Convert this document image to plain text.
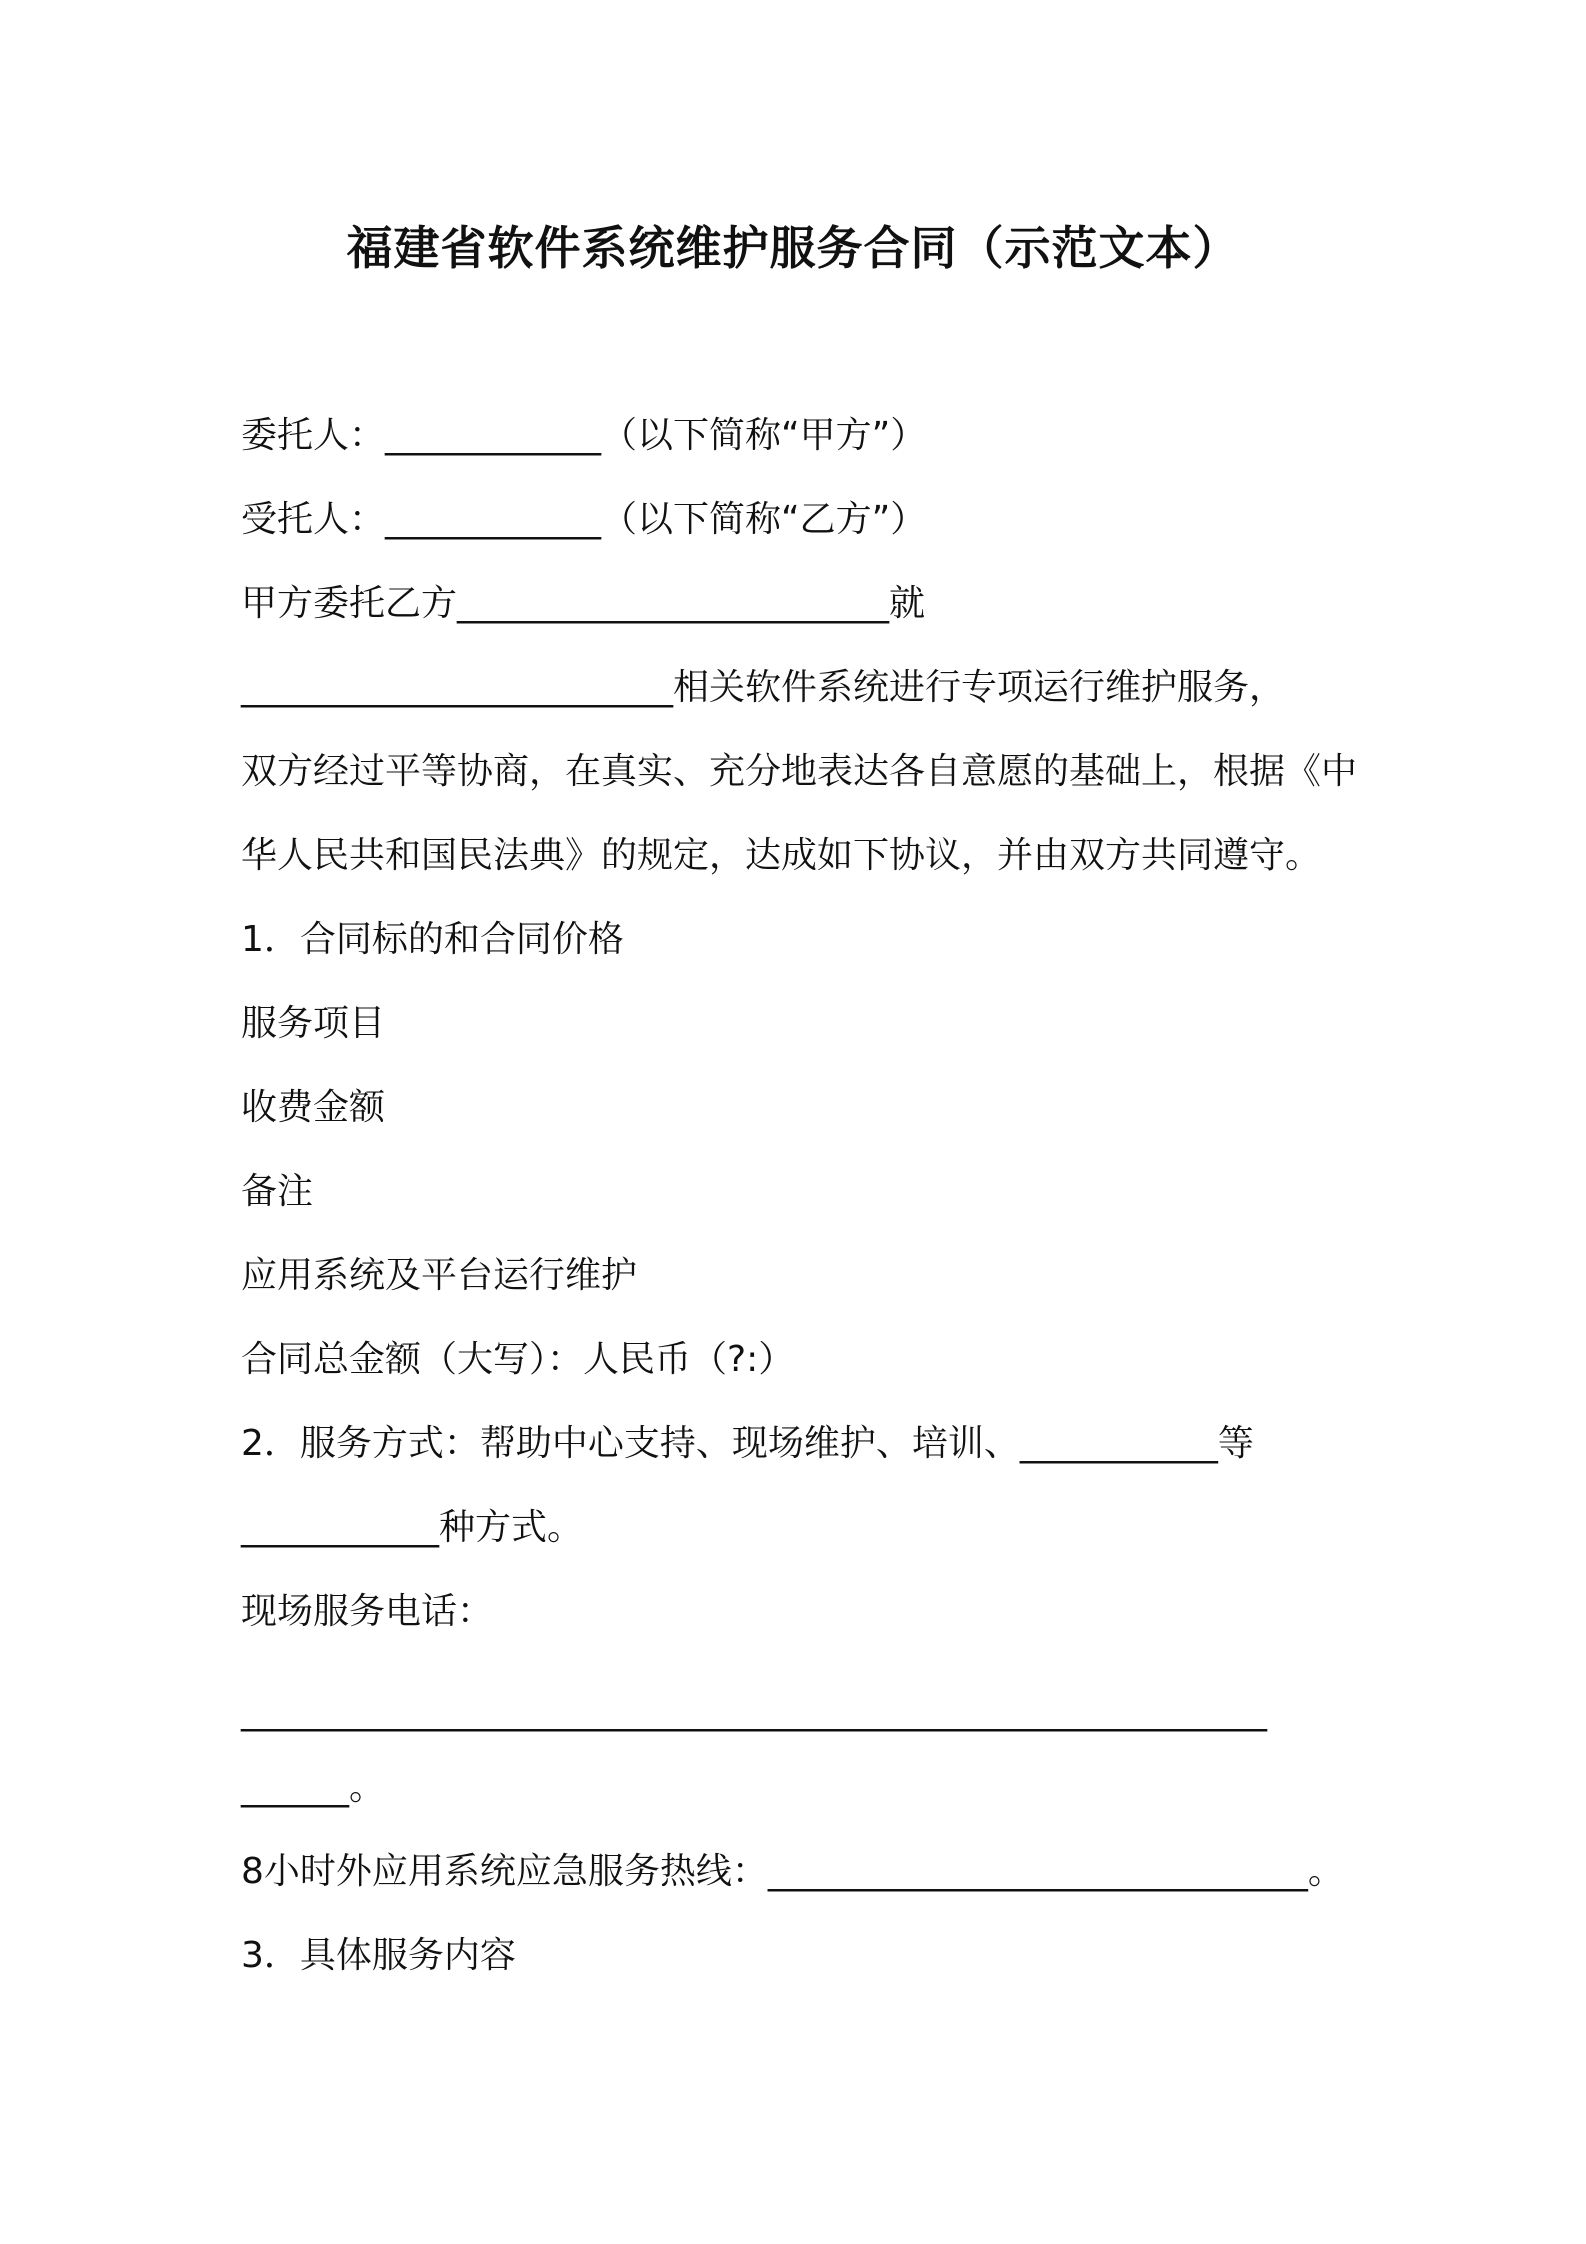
福建省软件系统维护服务合同（示范文本）
委托人：____________（以下简称“甲方”）
受托人：____________（以下简称“乙方”）
甲方委托乙方________________________就
________________________相关软件系统进行专项运行维护服务，
双方经过平等协商，在真实、充分地表达各自意愿的基础上，根据《中
华人民共和国民法典》的规定，达成如下协议，并由双方共同遵守。
1．合同标的和合同价格
服务项目
收费金额
备注
应用系统及平台运行维护
合同总金额（大写）：人民币（?:）
2．服务方式：帮助中心支持、现场维护、培训、___________等
___________种方式。
现场服务电话：
_________________________________________________________
______。
8小时外应用系统应急服务热线：______________________________。
3．具体服务内容
